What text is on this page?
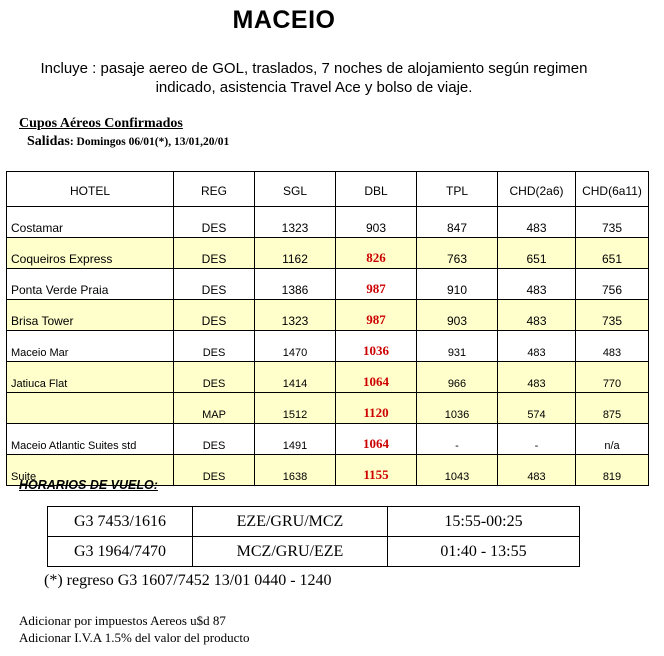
MACEIO
Incluye : pasaje aereo de GOL, traslados, 7 noches de alojamiento según regimen
indicado, asistencia Travel Ace y bolso de viaje.
Cupos Aéreos Confirmados
Salidas: Domingos 06/01(*), 13/01,20/01
HOTEL	REG	SGL	DBL	TPL	CHD(2a6)	CHD(6a11)
Costamar	DES	1323	903	847	483	735
Coqueiros Express	DES	1162	826	763	651	651
Ponta Verde Praia	DES	1386	987	910	483	756
Brisa Tower	DES	1323	987	903	483	735
Maceio Mar	DES	1470	1036	931	483	483
Jatiuca Flat	DES	1414	1064	966	483	770
	MAP	1512	1120	1036	574	875
Maceio Atlantic Suites std	DES	1491	1064	-	-	n/a
Suite	DES	1638	1155	1043	483	819
HORARIOS DE VUELO:
G3 7453/1616	EZE/GRU/MCZ	15:55-00:25
G3 1964/7470	MCZ/GRU/EZE	01:40 - 13:55
(*) regreso G3 1607/7452 13/01 0440 - 1240
Adicionar por impuestos Aereos u$d 87
Adicionar I.V.A 1.5% del valor del producto
